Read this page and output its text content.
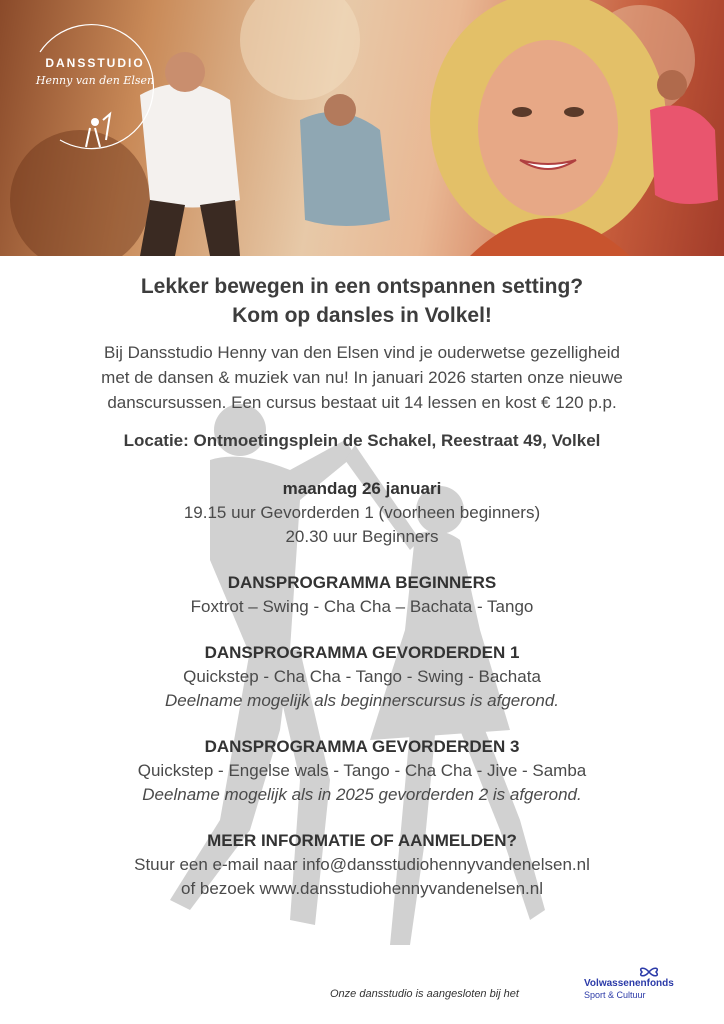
DANSSTUDIO
Henny van den Elsen
Lekker bewegen in een ontspannen setting?
Kom op dansles in Volkel!
Bij Dansstudio Henny van den Elsen vind je ouderwetse gezelligheid
met de dansen & muziek van nu! In januari 2026 starten onze nieuwe
danscursussen. Een cursus bestaat uit 14 lessen en kost € 120 p.p.
Locatie: Ontmoetingsplein de Schakel, Reestraat 49, Volkel
maandag 26 januari
19.15 uur Gevorderden 1 (voorheen beginners)
20.30 uur Beginners
DANSPROGRAMMA BEGINNERS
Foxtrot – Swing - Cha Cha – Bachata - Tango
DANSPROGRAMMA GEVORDERDEN 1
Quickstep - Cha Cha - Tango - Swing - Bachata
Deelname mogelijk als beginnerscursus is afgerond.
DANSPROGRAMMA GEVORDERDEN 3
Quickstep - Engelse wals - Tango - Cha Cha - Jive - Samba
Deelname mogelijk als in 2025 gevorderden 2 is afgerond.
MEER INFORMATIE OF AANMELDEN?
Stuur een e-mail naar info@dansstudiohennyvandenelsen.nl
of bezoek www.dansstudiohennyvandenelsen.nl
Onze dansstudio is aangesloten bij het
Volwassenenfonds
Sport & Cultuur
